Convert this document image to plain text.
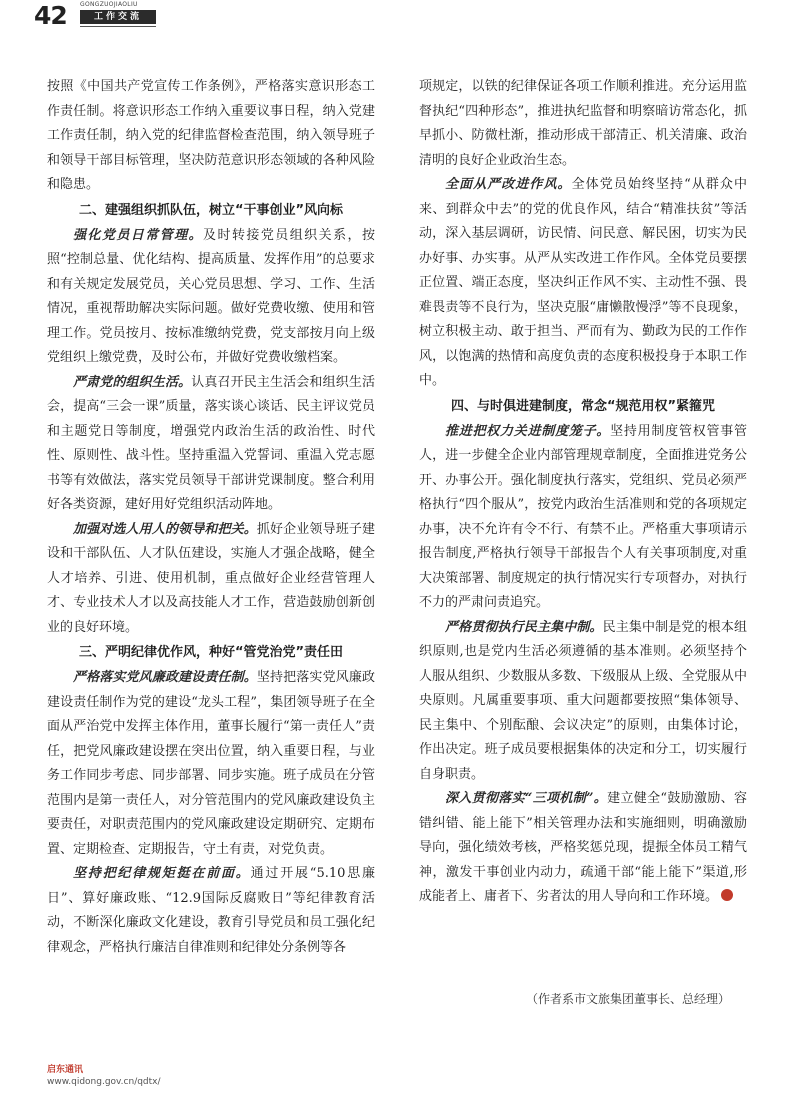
42 GONGZUOJIAOLIU
工作交流

按照《中国共产党宣传工作条例》，严格落实意识形态工作责任制。将意识形态工作纳入重要议事日程，纳入党建工作责任制，纳入党的纪律监督检查范围，纳入领导班子和领导干部目标管理，坚决防范意识形态领域的各种风险和隐患。

二、建强组织抓队伍，树立“干事创业”风向标

强化党员日常管理。及时转接党员组织关系，按照“控制总量、优化结构、提高质量、发挥作用”的总要求和有关规定发展党员，关心党员思想、学习、工作、生活情况，重视帮助解决实际问题。做好党费收缴、使用和管理工作。党员按月、按标准缴纳党费，党支部按月向上级党组织上缴党费，及时公布，并做好党费收缴档案。

严肃党的组织生活。认真召开民主生活会和组织生活会，提高“三会一课”质量，落实谈心谈话、民主评议党员和主题党日等制度，增强党内政治生活的政治性、时代性、原则性、战斗性。坚持重温入党誓词、重温入党志愿书等有效做法，落实党员领导干部讲党课制度。整合利用好各类资源，建好用好党组织活动阵地。

加强对选人用人的领导和把关。抓好企业领导班子建设和干部队伍、人才队伍建设，实施人才强企战略，健全人才培养、引进、使用机制，重点做好企业经营管理人才、专业技术人才以及高技能人才工作，营造鼓励创新创业的良好环境。

三、严明纪律优作风，种好“管党治党”责任田

严格落实党风廉政建设责任制。坚持把落实党风廉政建设责任制作为党的建设“龙头工程”，集团领导班子在全面从严治党中发挥主体作用，董事长履行“第一责任人”责任，把党风廉政建设摆在突出位置，纳入重要日程，与业务工作同步考虑、同步部署、同步实施。班子成员在分管范围内是第一责任人，对分管范围内的党风廉政建设负主要责任，对职责范围内的党风廉政建设定期研究、定期布置、定期检查、定期报告，守土有责，对党负责。

坚持把纪律规矩挺在前面。通过开展“5.10思廉日”、算好廉政账、“12.9国际反腐败日”等纪律教育活动，不断深化廉政文化建设，教育引导党员和员工强化纪律观念，严格执行廉洁自律准则和纪律处分条例等各

项规定，以铁的纪律保证各项工作顺利推进。充分运用监督执纪“四种形态”，推进执纪监督和明察暗访常态化，抓早抓小、防微杜渐，推动形成干部清正、机关清廉、政治清明的良好企业政治生态。

全面从严改进作风。全体党员始终坚持“从群众中来、到群众中去”的党的优良作风，结合“精准扶贫”等活动，深入基层调研，访民情、问民意、解民困，切实为民办好事、办实事。从严从实改进工作作风。全体党员要摆正位置、端正态度，坚决纠正作风不实、主动性不强、畏难畏责等不良行为，坚决克服“庸懒散慢浮”等不良现象，树立积极主动、敢于担当、严而有为、勤政为民的工作作风，以饱满的热情和高度负责的态度积极投身于本职工作中。

四、与时俱进建制度，常念“规范用权”紧箍咒

推进把权力关进制度笼子。坚持用制度管权管事管人，进一步健全企业内部管理规章制度，全面推进党务公开、办事公开。强化制度执行落实，党组织、党员必须严格执行“四个服从”，按党内政治生活准则和党的各项规定办事，决不允许有令不行、有禁不止。严格重大事项请示报告制度,严格执行领导干部报告个人有关事项制度,对重大决策部署、制度规定的执行情况实行专项督办，对执行不力的严肃问责追究。

严格贯彻执行民主集中制。民主集中制是党的根本组织原则,也是党内生活必须遵循的基本准则。必须坚持个人服从组织、少数服从多数、下级服从上级、全党服从中央原则。凡属重要事项、重大问题都要按照“集体领导、民主集中、个别酝酿、会议决定”的原则，由集体讨论，作出决定。班子成员要根据集体的决定和分工，切实履行自身职责。

深入贯彻落实“三项机制”。建立健全“鼓励激励、容错纠错、能上能下”相关管理办法和实施细则，明确激励导向，强化绩效考核，严格奖惩兑现，提振全体员工精气神，激发干事创业内动力，疏通干部“能上能下”渠道,形成能者上、庸者下、劣者汰的用人导向和工作环境。

（作者系市文旅集团董事长、总经理）
启东通讯
www.qidong.gov.cn/qdtx/
